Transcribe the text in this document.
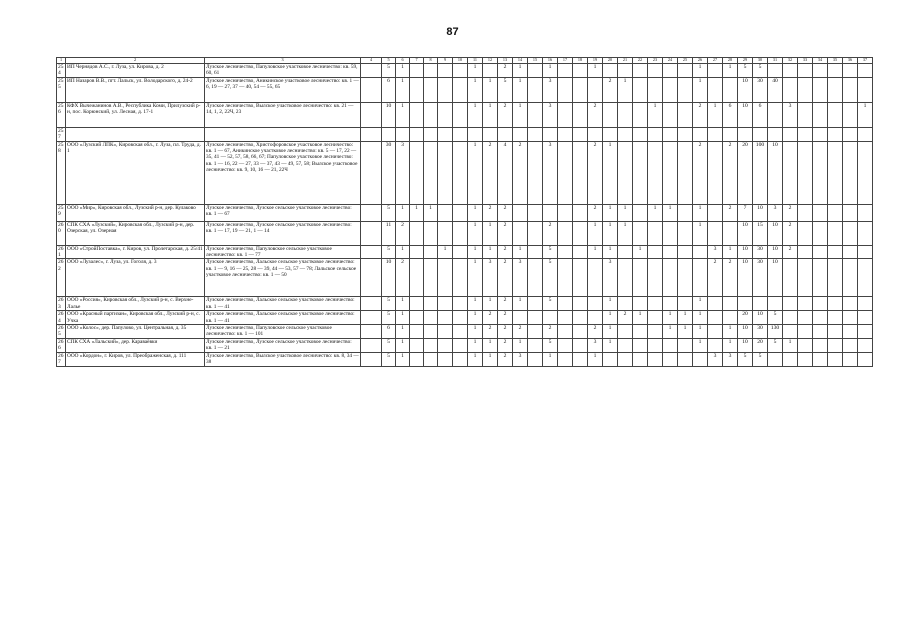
87
1	2	3	4	5	6	7	8	9	10	11	12	13	14	15	16	17	18	19	20	21	22	23	24	25	26	27	28	29	30	31	32	33	34	35	36	37
254	ИП Чернядов А.С., г. Луза, ул. Кирова, д. 2	Лузское лесничество, Папуловское участковое лесничество: кв. 59, 60, 61		5	1					1		2	1		1			1							1		1	5	5							
255	ИП Назаров В.В., пгт. Лальск, ул. Володарского, д. 24-2	Лузское лесничество, Аникинское участковое лесничество: кв. 1 — 6, 19 — 27, 37 — 40, 54 — 55, 65		6	1					1	1	5	1		3				2	1					1			10	30	40						
256	КФХ Вычежанинов А.В., Республика Коми, Прилузский р-н, пос. Корюнский, ул. Лесная, д. 17-1	Лузское лесничество, Вылское участковое лесничество: кв. 21 — 14, 1, 2, 22Ч, 23		10	1					1	1	2	1		3			2				1			2	1	6	10	6		3					1
257																																				
258	ООО «Лузский ЛПК», Кировская обл., г. Луза, пл. Труда, д. 1	Лузское лесничество, Христофоровское участковое лесничество: кв. 1 — 67, Аникинское участковое лесничество: кв. 5 — 17, 22 — 35, 41 — 52, 57, 58, 66, 67; Папуловское участковое лесничество: кв. 1 — 16, 22 — 27, 33 — 37, 43 — 49, 57, 58; Вылское участковое лесничество: кв. 9, 10, 16 — 21, 22Ч		30	3					1	2	4	2		3			2	1						2		2	20	100	10						
259	ООО «Мир», Кировская обл., Лузский р-н, дер. Кулаково	Лузское лесничество, Лузское сельское участковое лесничество: кв. 1 — 67		5	1	1	1			1	2	2						2	1	1		1	1		1		2	7	10	3	2					
260	СПК СХА «Лузский», Кировская обл., Лузский р-н, дер. Озерская, ул. Озерная	Лузское лесничество, Лузское сельское участковое лесничество: кв. 1 — 17, 19 — 21, 1 — 14		11	2					1	1	2			2			1	1	1					1			10	15	10	2					
261	ООО «СтройПоставка», г. Киров, ул. Пролетарская, д. 25/41	Лузское лесничество, Папуловское сельское участковое лесничество: кв. 1 — 77		5	1			1		1	1	2	1		5			1	1		1					3	1	10	30	10	2					
262	ООО «Лузалес», г. Луза, ул. Гоголя, д. 3	Лузское лесничество, Лальское сельское участковое лесничество: кв. 1 — 9, 16 — 25, 28 — 39, 44 — 53, 57 — 78; Лальское сельское участковое лесничество: кв. 1 — 50		10	2					1	3	2	3		5				3							2	2	10	30	10						
263	ООО «Россия», Кировская обл., Лузский р-н, с. Верхне-Лалье	Лузское лесничество, Лальское сельское участковое лесничество: кв. 1 — 41		5	1					1	1	2	1		5				1						1											
264	ООО «Красный партизан», Кировская обл., Лузский р-н, с. Учка	Лузское лесничество, Лальское сельское участковое лесничество: кв. 1 — 41		5	1					1	2	2							1	2	1		1	1	1			20	10	5						
265	ООО «Колос», дер. Папулово, ул. Центральная, д. 35	Лузское лесничество, Папуловское сельское участковое лесничество: кв. 1 — 101		6	1					1	2	2	2		2			2	1				1	1	1		1	10	30	130						
266	СПК СХА «Лальский», дер. Караваёвки	Лузское лесничество, Лузское сельское участковое лесничество: кв. 1 — 21		5	1					1	1	2	1		5			3	1						1		1	10	20	5	1					
267	ООО «Кордон», г. Киров, ул. Преображенская, д. 111	Лузское лесничество, Вылское участковое лесничество: кв. 8, 34 — 38		5	1					1	1	2	3		1			1								3	3	5	5							
